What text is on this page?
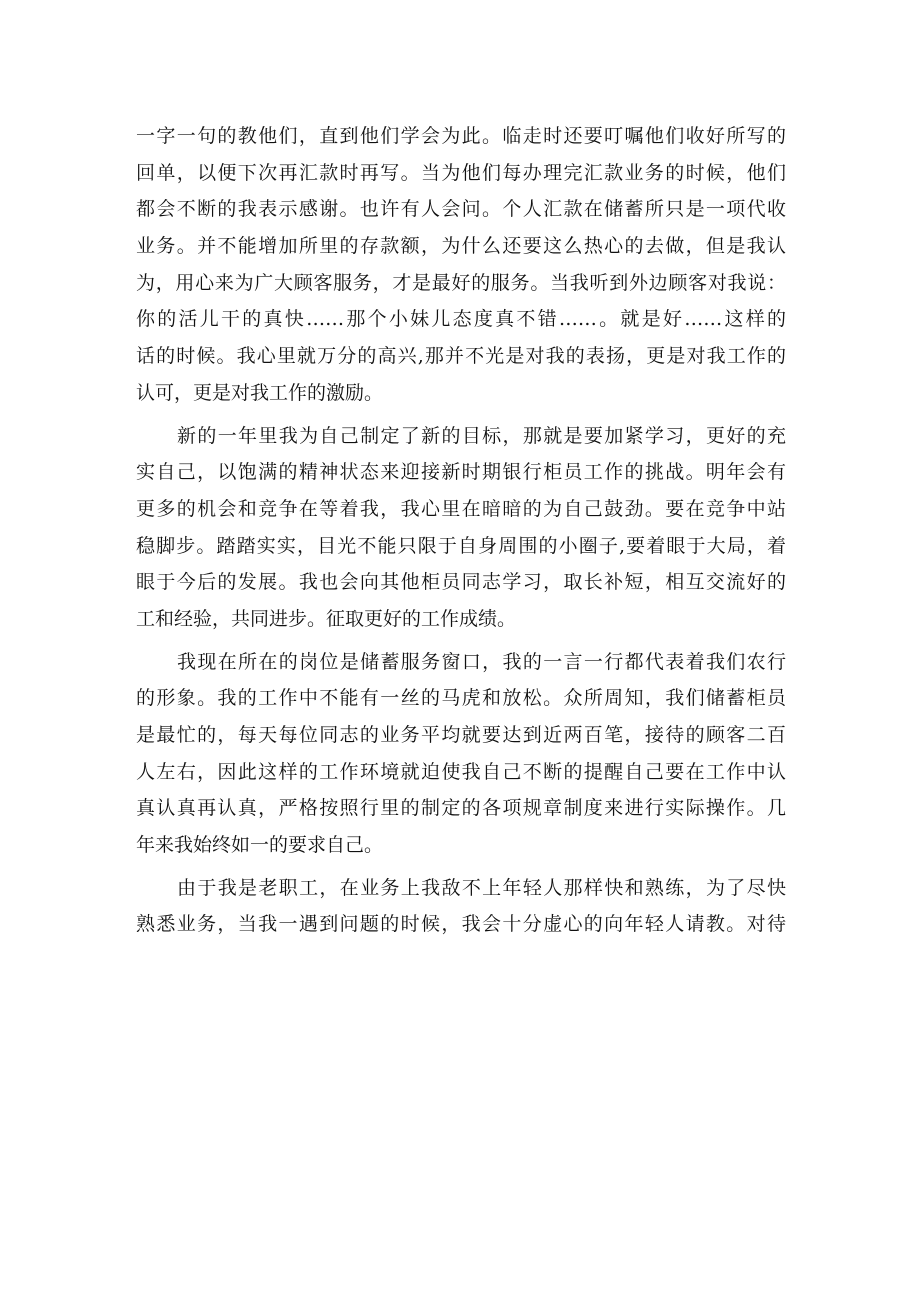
一字一句的教他们，直到他们学会为此。临走时还要叮嘱他们收好所写的
回单，以便下次再汇款时再写。当为他们每办理完汇款业务的时候，他们
都会不断的我表示感谢。也许有人会问。个人汇款在储蓄所只是一项代收
业务。并不能增加所里的存款额，为什么还要这么热心的去做，但是我认
为，用心来为广大顾客服务，才是最好的服务。当我听到外边顾客对我说：
你的活儿干的真快……那个小妹儿态度真不错……。就是好……这样的
话的时候。我心里就万分的高兴,那并不光是对我的表扬，更是对我工作的
认可，更是对我工作的激励。
新的一年里我为自己制定了新的目标，那就是要加紧学习，更好的充
实自己，以饱满的精神状态来迎接新时期银行柜员工作的挑战。明年会有
更多的机会和竞争在等着我，我心里在暗暗的为自己鼓劲。要在竞争中站
稳脚步。踏踏实实，目光不能只限于自身周围的小圈子,要着眼于大局，着
眼于今后的发展。我也会向其他柜员同志学习，取长补短，相互交流好的
工和经验，共同进步。征取更好的工作成绩。
我现在所在的岗位是储蓄服务窗口，我的一言一行都代表着我们农行
的形象。我的工作中不能有一丝的马虎和放松。众所周知，我们储蓄柜员
是最忙的，每天每位同志的业务平均就要达到近两百笔，接待的顾客二百
人左右，因此这样的工作环境就迫使我自己不断的提醒自己要在工作中认
真认真再认真，严格按照行里的制定的各项规章制度来进行实际操作。几
年来我始终如一的要求自己。
由于我是老职工，在业务上我敌不上年轻人那样快和熟练，为了尽快
熟悉业务，当我一遇到问题的时候，我会十分虚心的向年轻人请教。对待
